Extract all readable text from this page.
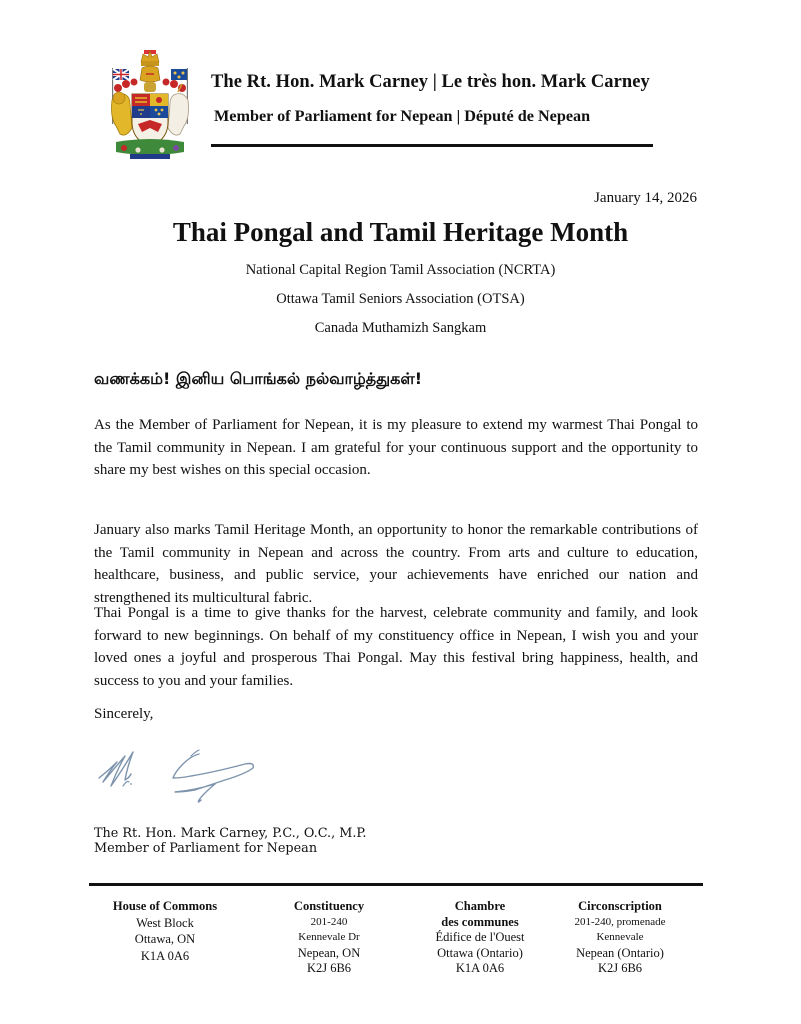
The Rt. Hon. Mark Carney | Le très hon. Mark Carney
Member of Parliament for Nepean | Député de Nepean
January 14, 2026
Thai Pongal and Tamil Heritage Month
National Capital Region Tamil Association (NCRTA)
Ottawa Tamil Seniors Association (OTSA)
Canada Muthamizh Sangkam
வணக்கம்! இனிய பொங்கல் நல்வாழ்த்துகள்!
As the Member of Parliament for Nepean, it is my pleasure to extend my warmest Thai Pongal to the Tamil community in Nepean. I am grateful for your continuous support and the opportunity to share my best wishes on this special occasion.
January also marks Tamil Heritage Month, an opportunity to honor the remarkable contributions of the Tamil community in Nepean and across the country. From arts and culture to education, healthcare, business, and public service, your achievements have enriched our nation and strengthened its multicultural fabric.
Thai Pongal is a time to give thanks for the harvest, celebrate community and family, and look forward to new beginnings. On behalf of my constituency office in Nepean, I wish you and your loved ones a joyful and prosperous Thai Pongal. May this festival bring happiness, health, and success to you and your families.
Sincerely,
The Rt. Hon. Mark Carney, P.C., O.C., M.P.
Member of Parliament for Nepean
House of Commons
West Block
Ottawa, ON
K1A 0A6
Constituency
201-240
Kennevale Dr
Nepean, ON
K2J 6B6
Chambre
des communes
Édifice de l'Ouest
Ottawa (Ontario)
K1A 0A6
Circonscription
201-240, promenade
Kennevale
Nepean (Ontario)
K2J 6B6
